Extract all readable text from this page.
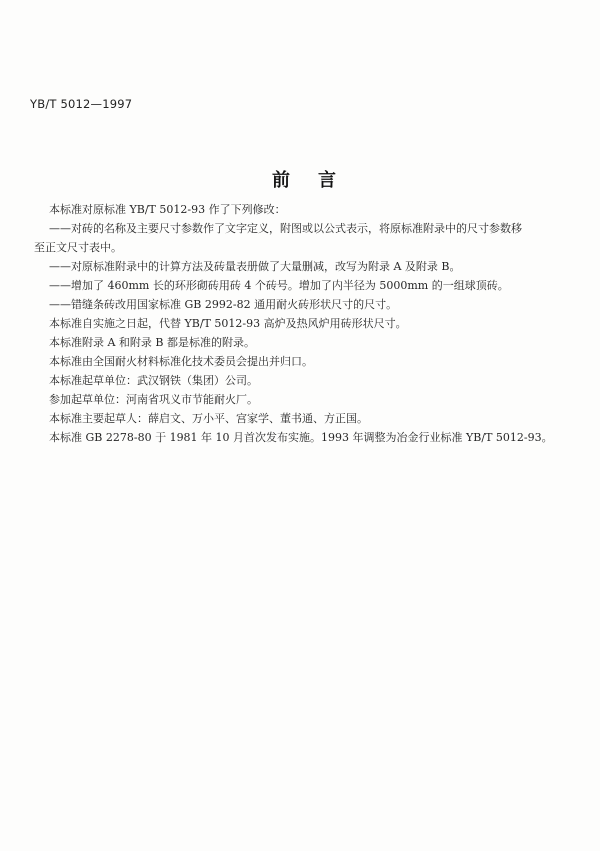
YB/T 5012—1997
前言

本标准对原标准 YB/T 5012-93 作了下列修改：

——对砖的名称及主要尺寸参数作了文字定义，附图或以公式表示，将原标准附录中的尺寸参数移

至正文尺寸表中。

——对原标准附录中的计算方法及砖量表册做了大量删减，改写为附录 A 及附录 B。

——增加了 460mm 长的环形砌砖用砖 4 个砖号。增加了内半径为 5000mm 的一组球顶砖。

——错缝条砖改用国家标准 GB 2992-82 通用耐火砖形状尺寸的尺寸。

本标准自实施之日起，代替 YB/T 5012-93 高炉及热风炉用砖形状尺寸。

本标准附录 A 和附录 B 都是标准的附录。

本标准由全国耐火材料标准化技术委员会提出并归口。

本标准起草单位：武汉钢铁（集团）公司。

参加起草单位：河南省巩义市节能耐火厂。

本标准主要起草人：薛启文、万小平、宫家学、董书通、方正国。

本标准 GB 2278-80 于 1981 年 10 月首次发布实施。1993 年调整为冶金行业标准 YB/T 5012-93。
